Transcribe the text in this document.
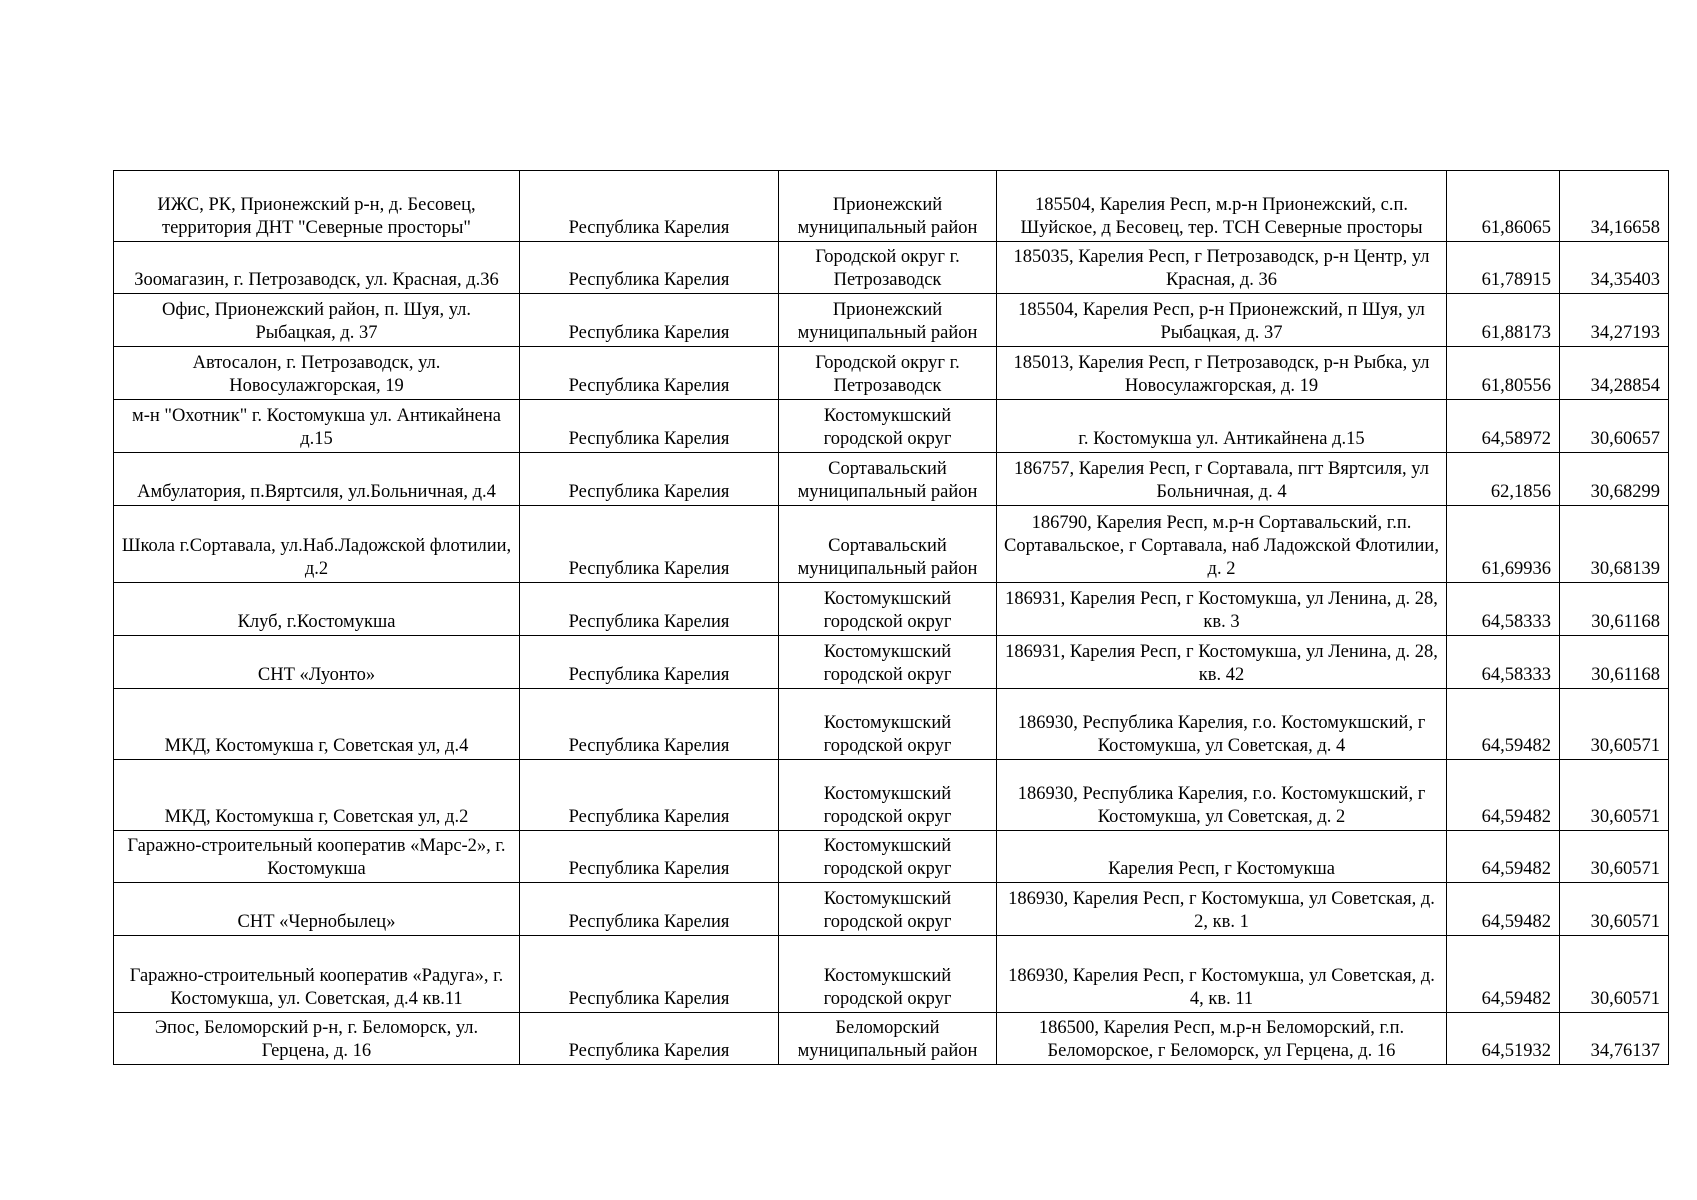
ИЖС, РК, Прионежский р-н, д. Бесовец, территория ДНТ "Северные просторы"	Республика Карелия	Прионежский муниципальный район	185504, Карелия Респ, м.р-н Прионежский, с.п. Шуйское, д Бесовец, тер. ТСН Северные просторы	61,86065	34,16658
Зоомагазин, г. Петрозаводск, ул. Красная, д.36	Республика Карелия	Городской округ г. Петрозаводск	185035, Карелия Респ, г Петрозаводск, р-н Центр, ул Красная, д. 36	61,78915	34,35403
Офис, Прионежский район, п. Шуя, ул. Рыбацкая, д. 37	Республика Карелия	Прионежский муниципальный район	185504, Карелия Респ, р-н Прионежский, п Шуя, ул Рыбацкая, д. 37	61,88173	34,27193
Автосалон, г. Петрозаводск, ул. Новосулажгорская, 19	Республика Карелия	Городской округ г. Петрозаводск	185013, Карелия Респ, г Петрозаводск, р-н Рыбка, ул Новосулажгорская, д. 19	61,80556	34,28854
м-н "Охотник" г. Костомукша ул. Антикайнена д.15	Республика Карелия	Костомукшский городской округ	г. Костомукша ул. Антикайнена д.15	64,58972	30,60657
Амбулатория, п.Вяртсиля, ул.Больничная, д.4	Республика Карелия	Сортавальский муниципальный район	186757, Карелия Респ, г Сортавала, пгт Вяртсиля, ул Больничная, д. 4	62,1856	30,68299
Школа г.Сортавала, ул.Наб.Ладожской флотилии, д.2	Республика Карелия	Сортавальский муниципальный район	186790, Карелия Респ, м.р-н Сортавальский, г.п. Сортавальское, г Сортавала, наб Ладожской Флотилии, д. 2	61,69936	30,68139
Клуб, г.Костомукша	Республика Карелия	Костомукшский городской округ	186931, Карелия Респ, г Костомукша, ул Ленина, д. 28, кв. 3	64,58333	30,61168
СНТ «Луонто»	Республика Карелия	Костомукшский городской округ	186931, Карелия Респ, г Костомукша, ул Ленина, д. 28, кв. 42	64,58333	30,61168
МКД, Костомукша г, Советская ул, д.4	Республика Карелия	Костомукшский городской округ	186930, Республика Карелия, г.о. Костомукшский, г Костомукша, ул Советская, д. 4	64,59482	30,60571
МКД, Костомукша г, Советская ул, д.2	Республика Карелия	Костомукшский городской округ	186930, Республика Карелия, г.о. Костомукшский, г Костомукша, ул Советская, д. 2	64,59482	30,60571
Гаражно-строительный кооператив «Марс-2», г. Костомукша	Республика Карелия	Костомукшский городской округ	Карелия Респ, г Костомукша	64,59482	30,60571
СНТ «Чернобылец»	Республика Карелия	Костомукшский городской округ	186930, Карелия Респ, г Костомукша, ул Советская, д. 2, кв. 1	64,59482	30,60571
Гаражно-строительный кооператив «Радуга», г. Костомукша, ул. Советская, д.4 кв.11	Республика Карелия	Костомукшский городской округ	186930, Карелия Респ, г Костомукша, ул Советская, д. 4, кв. 11	64,59482	30,60571
Эпос, Беломорский р-н, г. Беломорск, ул. Герцена, д. 16	Республика Карелия	Беломорский муниципальный район	186500, Карелия Респ, м.р-н Беломорский, г.п. Беломорское, г Беломорск, ул Герцена, д. 16	64,51932	34,76137
